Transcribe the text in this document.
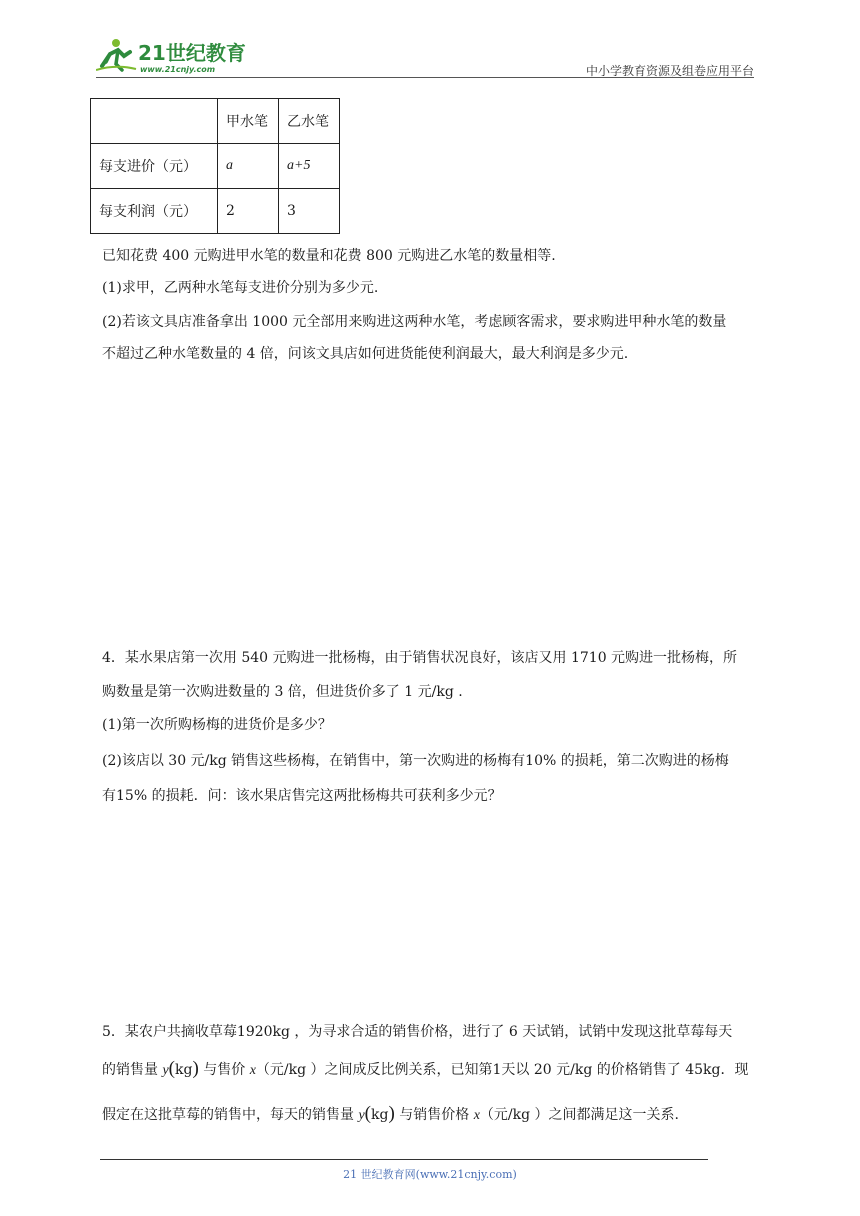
21世纪教育
www.21cnjy.com	中小学教育资源及组卷应用平台
	甲水笔	乙水笔
每支进价（元）	a	a+5
每支利润（元）	2	3
已知花费 400 元购进甲水笔的数量和花费 800 元购进乙水笔的数量相等.
(1)求甲，乙两种水笔每支进价分别为多少元.
(2)若该文具店准备拿出 1000 元全部用来购进这两种水笔，考虑顾客需求，要求购进甲种水笔的数量
不超过乙种水笔数量的 4 倍，问该文具店如何进货能使利润最大，最大利润是多少元.
4．某水果店第一次用 540 元购进一批杨梅，由于销售状况良好，该店又用 1710 元购进一批杨梅，所
购数量是第一次购进数量的 3 倍，但进货价多了 1 元/kg .
(1)第一次所购杨梅的进货价是多少？
(2)该店以 30 元/kg 销售这些杨梅，在销售中，第一次购进的杨梅有10% 的损耗，第二次购进的杨梅
有15% 的损耗．问：该水果店售完这两批杨梅共可获利多少元？
5．某农户共摘收草莓1920kg ，为寻求合适的销售价格，进行了 6 天试销，试销中发现这批草莓每天
的销售量 y(kg) 与售价 x（元/kg ）之间成反比例关系，已知第1天以 20 元/kg 的价格销售了 45kg．现
假定在这批草莓的销售中，每天的销售量 y(kg) 与销售价格 x（元/kg ）之间都满足这一关系.
21 世纪教育网(www.21cnjy.com)
